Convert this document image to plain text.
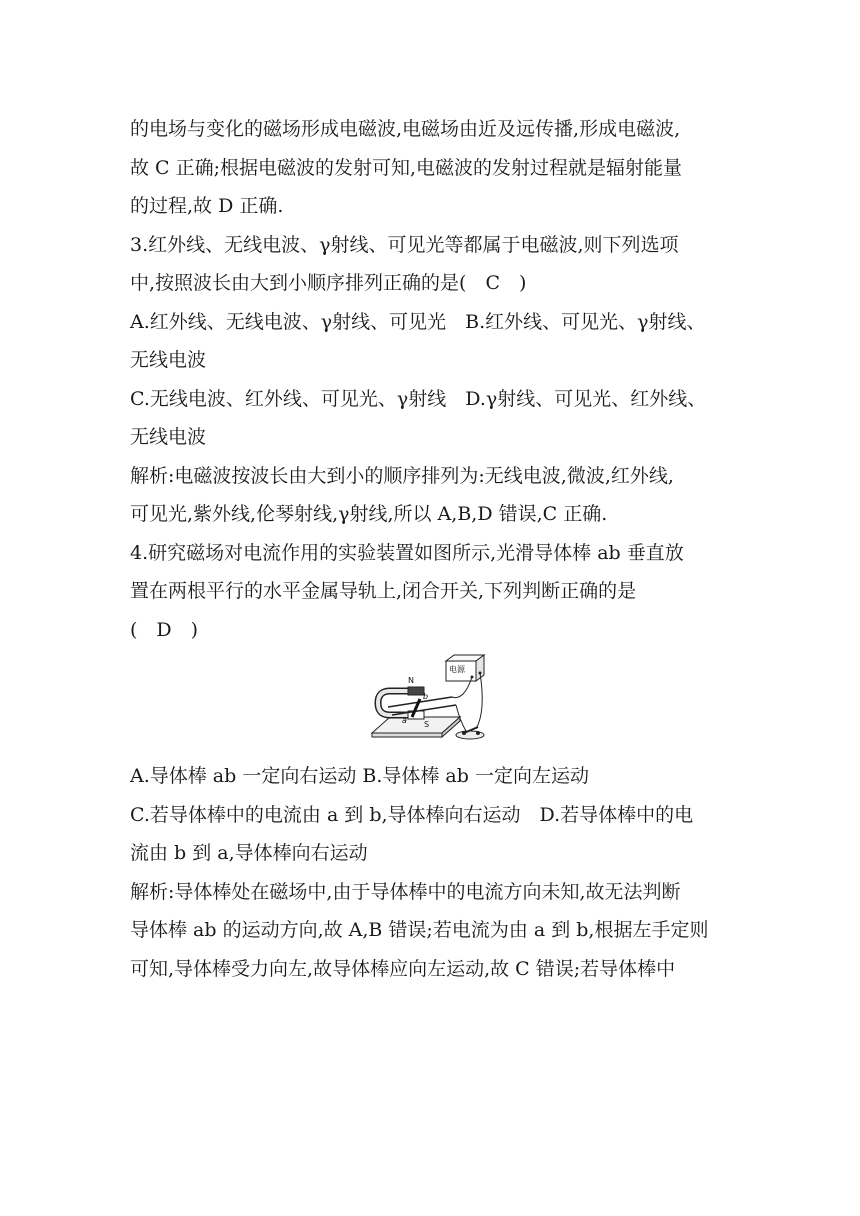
的电场与变化的磁场形成电磁波,电磁场由近及远传播,形成电磁波,
故 C 正确;根据电磁波的发射可知,电磁波的发射过程就是辐射能量
的过程,故 D 正确.
3.红外线、无线电波、γ射线、可见光等都属于电磁波,则下列选项
中,按照波长由大到小顺序排列正确的是(　C　)
A.红外线、无线电波、γ射线、可见光　B.红外线、可见光、γ射线、
无线电波
C.无线电波、红外线、可见光、γ射线　D.γ射线、可见光、红外线、
无线电波
解析:电磁波按波长由大到小的顺序排列为:无线电波,微波,红外线,
可见光,紫外线,伦琴射线,γ射线,所以 A,B,D 错误,C 正确.
4.研究磁场对电流作用的实验装置如图所示,光滑导体棒 ab 垂直放
置在两根平行的水平金属导轨上,闭合开关,下列判断正确的是
(　D　)
N
S
a
b
电源
A.导体棒 ab 一定向右运动 B.导体棒 ab 一定向左运动
C.若导体棒中的电流由 a 到 b,导体棒向右运动　D.若导体棒中的电
流由 b 到 a,导体棒向右运动
解析:导体棒处在磁场中,由于导体棒中的电流方向未知,故无法判断
导体棒 ab 的运动方向,故 A,B 错误;若电流为由 a 到 b,根据左手定则
可知,导体棒受力向左,故导体棒应向左运动,故 C 错误;若导体棒中
